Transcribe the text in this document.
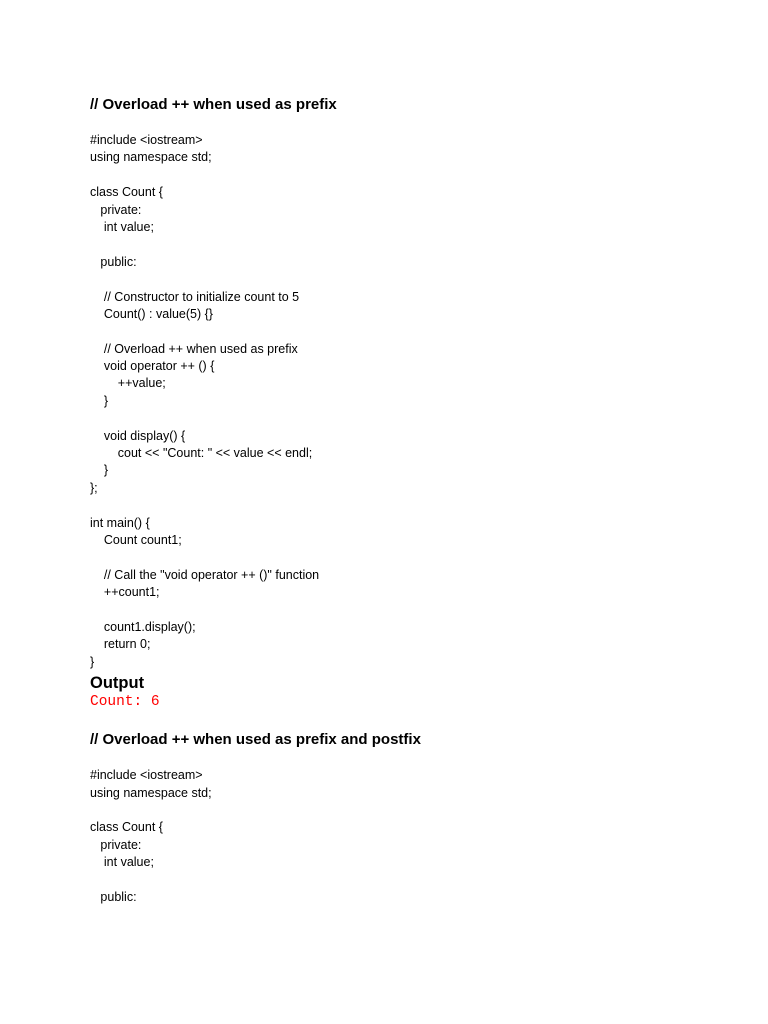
// Overload ++ when used as prefix

#include <iostream>
using namespace std;
class Count {
private:
int value;
public:
// Constructor to initialize count to 5
Count() : value(5) {}
// Overload ++ when used as prefix
void operator ++ () {
++value;
}
void display() {
cout << "Count: " << value << endl;
}
};
int main() {
Count count1;
// Call the "void operator ++ ()" function
++count1;
count1.display();
return 0;
}

Output

Count: 6

// Overload ++ when used as prefix and postfix

#include <iostream>
using namespace std;
class Count {
private:
int value;
public:
